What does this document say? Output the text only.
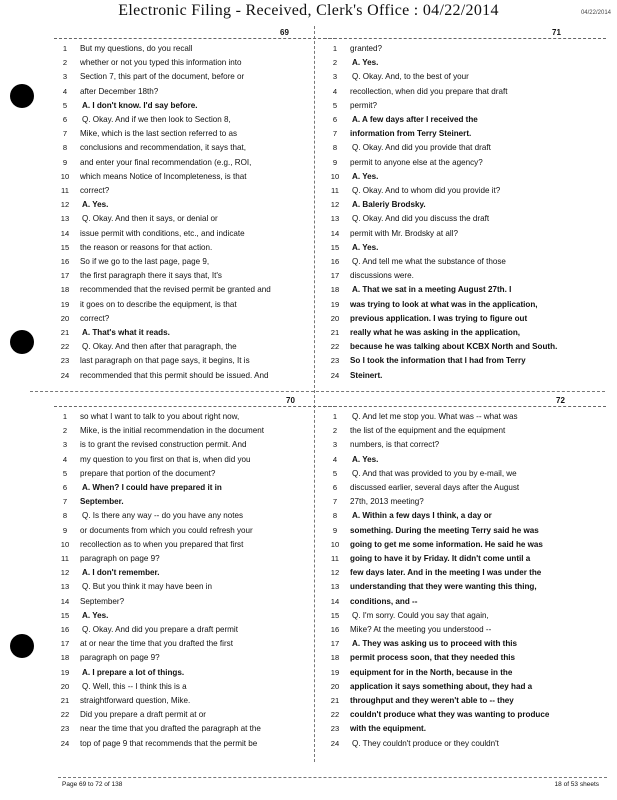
Electronic Filing - Received, Clerk's Office : 04/22/2014	04/22/2014
69
1	But my questions, do you recall
2	whether or not you typed this information into
3	Section 7, this part of the document, before or
4	after December 18th?
5	A. I don't know. I'd say before.
6	Q. Okay. And if we then look to Section 8,
7	Mike, which is the last section referred to as
8	conclusions and recommendation, it says that,
9	and enter your final recommendation (e.g., ROI,
10	which means Notice of Incompleteness, is that
11	correct?
12	A. Yes.
13	Q. Okay. And then it says, or denial or
14	issue permit with conditions, etc., and indicate
15	the reason or reasons for that action.
16	So if we go to the last page, page 9,
17	the first paragraph there it says that, It's
18	recommended that the revised permit be granted and
19	it goes on to describe the equipment, is that
20	correct?
21	A. That's what it reads.
22	Q. Okay. And then after that paragraph, the
23	last paragraph on that page says, it begins, It is
24	recommended that this permit should be issued. And
71
1	granted?
2	A. Yes.
3	Q. Okay. And, to the best of your
4	recollection, when did you prepare that draft
5	permit?
6	A. A few days after I received the
7	information from Terry Steinert.
8	Q. Okay. And did you provide that draft
9	permit to anyone else at the agency?
10	A. Yes.
11	Q. Okay. And to whom did you provide it?
12	A. Baleriy Brodsky.
13	Q. Okay. And did you discuss the draft
14	permit with Mr. Brodsky at all?
15	A. Yes.
16	Q. And tell me what the substance of those
17	discussions were.
18	A. That we sat in a meeting August 27th. I
19	was trying to look at what was in the application,
20	previous application. I was trying to figure out
21	really what he was asking in the application,
22	because he was talking about KCBX North and South.
23	So I took the information that I had from Terry
24	Steinert.
70
1	so what I want to talk to you about right now,
2	Mike, is the initial recommendation in the document
3	is to grant the revised construction permit. And
4	my question to you first on that is, when did you
5	prepare that portion of the document?
6	A. When? I could have prepared it in
7	September.
8	Q. Is there any way -- do you have any notes
9	or documents from which you could refresh your
10	recollection as to when you prepared that first
11	paragraph on page 9?
12	A. I don't remember.
13	Q. But you think it may have been in
14	September?
15	A. Yes.
16	Q. Okay. And did you prepare a draft permit
17	at or near the time that you drafted the first
18	paragraph on page 9?
19	A. I prepare a lot of things.
20	Q. Well, this -- I think this is a
21	straightforward question, Mike.
22	Did you prepare a draft permit at or
23	near the time that you drafted the paragraph at the
24	top of page 9 that recommends that the permit be
72
1	Q. And let me stop you. What was -- what was
2	the list of the equipment and the equipment
3	numbers, is that correct?
4	A. Yes.
5	Q. And that was provided to you by e-mail, we
6	discussed earlier, several days after the August
7	27th, 2013 meeting?
8	A. Within a few days I think, a day or
9	something. During the meeting Terry said he was
10	going to get me some information. He said he was
11	going to have it by Friday. It didn't come until a
12	few days later. And in the meeting I was under the
13	understanding that they were wanting this thing,
14	conditions, and --
15	Q. I'm sorry. Could you say that again,
16	Mike? At the meeting you understood --
17	A. They was asking us to proceed with this
18	permit process soon, that they needed this
19	equipment for in the North, because in the
20	application it says something about, they had a
21	throughput and they weren't able to -- they
22	couldn't produce what they was wanting to produce
23	with the equipment.
24	Q. They couldn't produce or they couldn't
Page 69 to 72 of 138	18 of 53 sheets
